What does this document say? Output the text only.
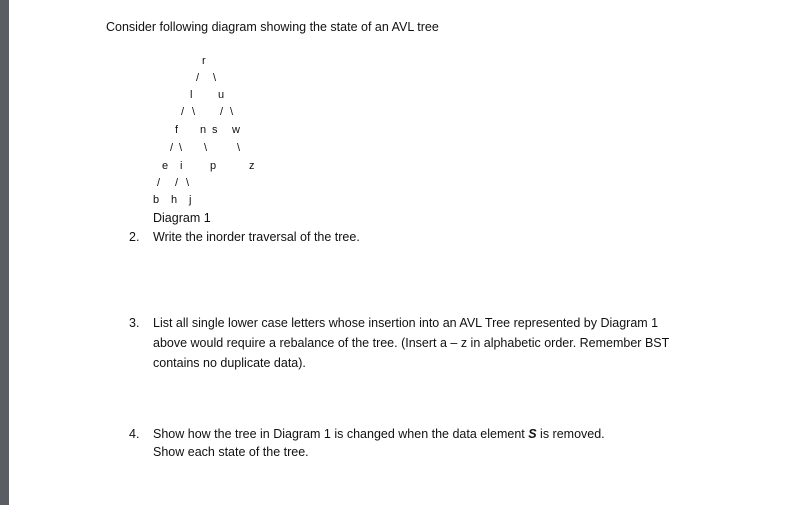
Consider following diagram showing the state of an AVL tree
r
/ \
l u
/ \ / \
f n s w
/ \ \	\
e i	p	z
/ / \
b h j
Diagram 1
2. Write the inorder traversal of the tree.
3. List all single lower case letters whose insertion into an AVL Tree represented by Diagram 1
above would require a rebalance of the tree. (Insert a – z in alphabetic order. Remember BST
contains no duplicate data).
4. Show how the tree in Diagram 1 is changed when the data element S is removed.
Show each state of the tree.
